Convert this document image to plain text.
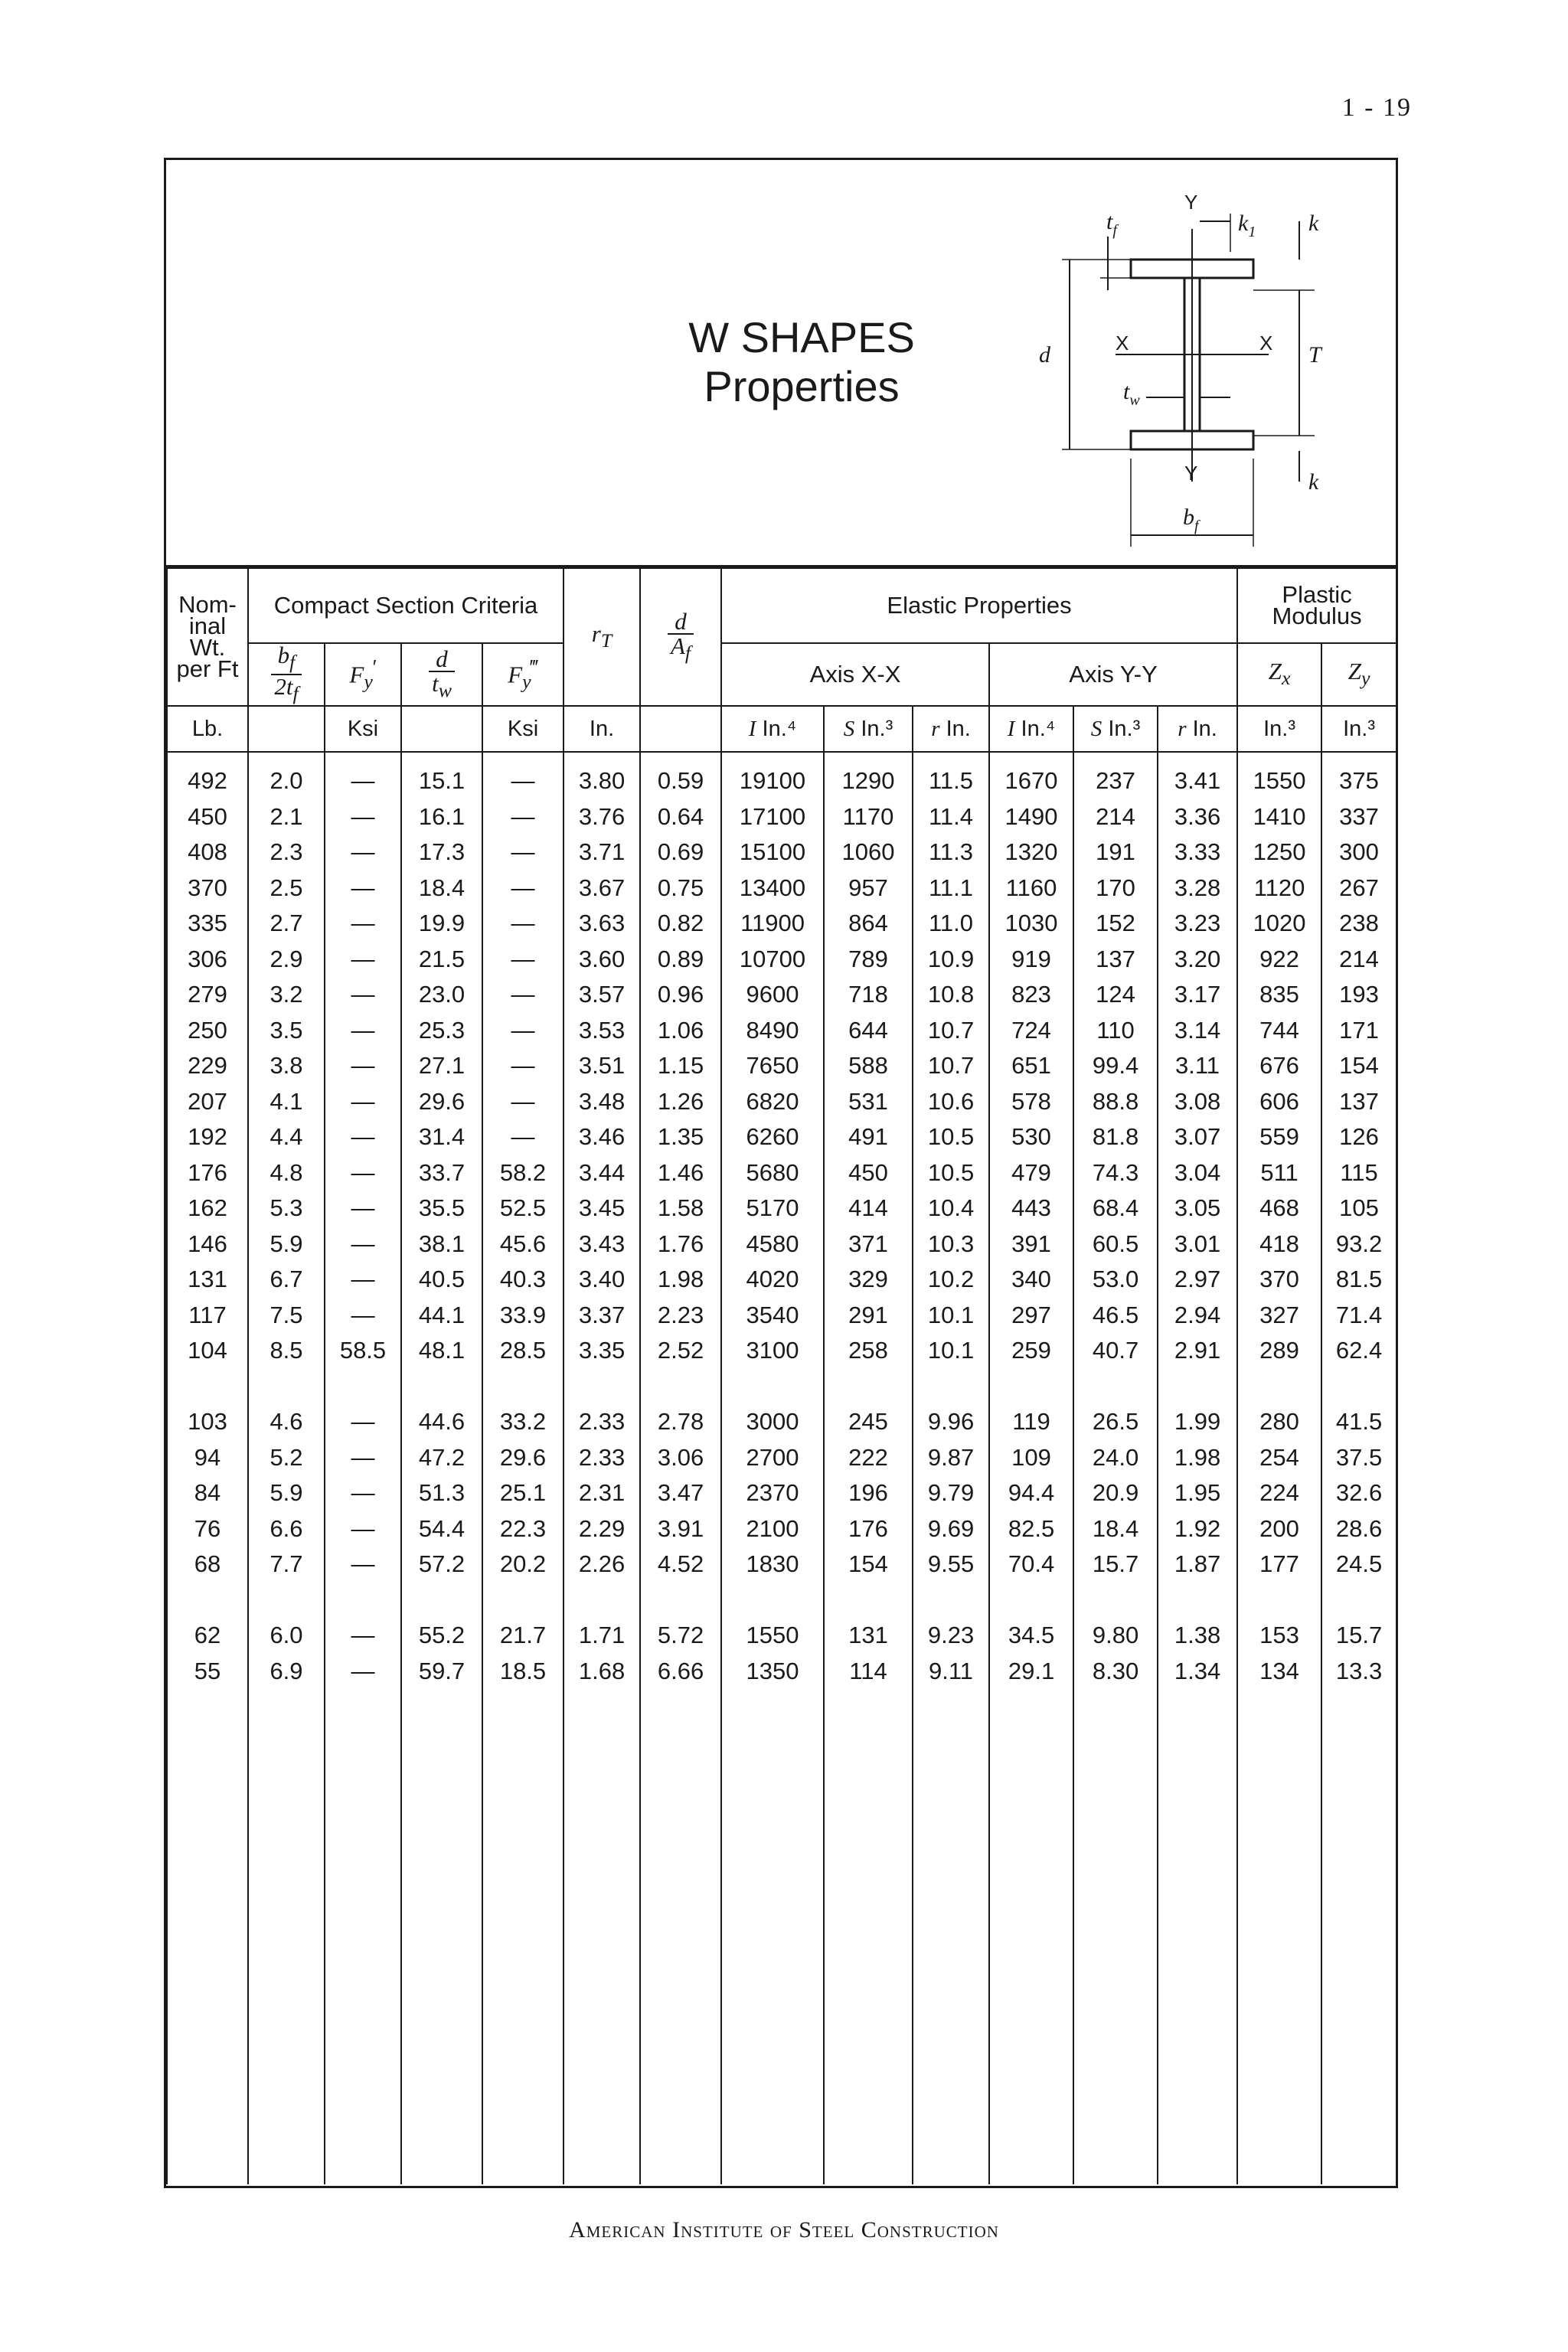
1 - 19
W SHAPES
Properties
$t_f$
Y
$k_1$ k
d	X	X T
$t_w$
Y	k
$b_f$
Nom- inal Wt. per Ft	Compact Section Criteria				$r_T$	$\frac{d}{A_f}$	Elastic Properties						Plastic Modulus	

	$\frac{b_f}{2t_f}$	$F_y'$	$\frac{d}{t_w}$	$F_y^‴$			Axis X-X			Axis Y-Y			$Z_x$	$Z_y$
Lb.		Ksi		Ksi	In.		I In.⁴	S In.³	r In.	I In.⁴	S In.³	r In.	In.³	In.³
492	2.0	—	15.1	—	3.80	0.59	19100	1290	11.5	1670	237	3.41	1550	375
450	2.1	—	16.1	—	3.76	0.64	17100	1170	11.4	1490	214	3.36	1410	337
408	2.3	—	17.3	—	3.71	0.69	15100	1060	11.3	1320	191	3.33	1250	300
370	2.5	—	18.4	—	3.67	0.75	13400	957	11.1	1160	170	3.28	1120	267
335	2.7	—	19.9	—	3.63	0.82	11900	864	11.0	1030	152	3.23	1020	238
306	2.9	—	21.5	—	3.60	0.89	10700	789	10.9	919	137	3.20	922	214
279	3.2	—	23.0	—	3.57	0.96	9600	718	10.8	823	124	3.17	835	193
250	3.5	—	25.3	—	3.53	1.06	8490	644	10.7	724	110	3.14	744	171
229	3.8	—	27.1	—	3.51	1.15	7650	588	10.7	651	99.4	3.11	676	154
207	4.1	—	29.6	—	3.48	1.26	6820	531	10.6	578	88.8	3.08	606	137
192	4.4	—	31.4	—	3.46	1.35	6260	491	10.5	530	81.8	3.07	559	126
176	4.8	—	33.7	58.2	3.44	1.46	5680	450	10.5	479	74.3	3.04	511	115
162	5.3	—	35.5	52.5	3.45	1.58	5170	414	10.4	443	68.4	3.05	468	105
146	5.9	—	38.1	45.6	3.43	1.76	4580	371	10.3	391	60.5	3.01	418	93.2
131	6.7	—	40.5	40.3	3.40	1.98	4020	329	10.2	340	53.0	2.97	370	81.5
117	7.5	—	44.1	33.9	3.37	2.23	3540	291	10.1	297	46.5	2.94	327	71.4
104	8.5	58.5	48.1	28.5	3.35	2.52	3100	258	10.1	259	40.7	2.91	289	62.4

103	4.6	—	44.6	33.2	2.33	2.78	3000	245	9.96	119	26.5	1.99	280	41.5
94	5.2	—	47.2	29.6	2.33	3.06	2700	222	9.87	109	24.0	1.98	254	37.5
84	5.9	—	51.3	25.1	2.31	3.47	2370	196	9.79	94.4	20.9	1.95	224	32.6
76	6.6	—	54.4	22.3	2.29	3.91	2100	176	9.69	82.5	18.4	1.92	200	28.6
68	7.7	—	57.2	20.2	2.26	4.52	1830	154	9.55	70.4	15.7	1.87	177	24.5

62	6.0	—	55.2	21.7	1.71	5.72	1550	131	9.23	34.5	9.80	1.38	153	15.7
55	6.9	—	59.7	18.5	1.68	6.66	1350	114	9.11	29.1	8.30	1.34	134	13.3

American Institute of Steel Construction
